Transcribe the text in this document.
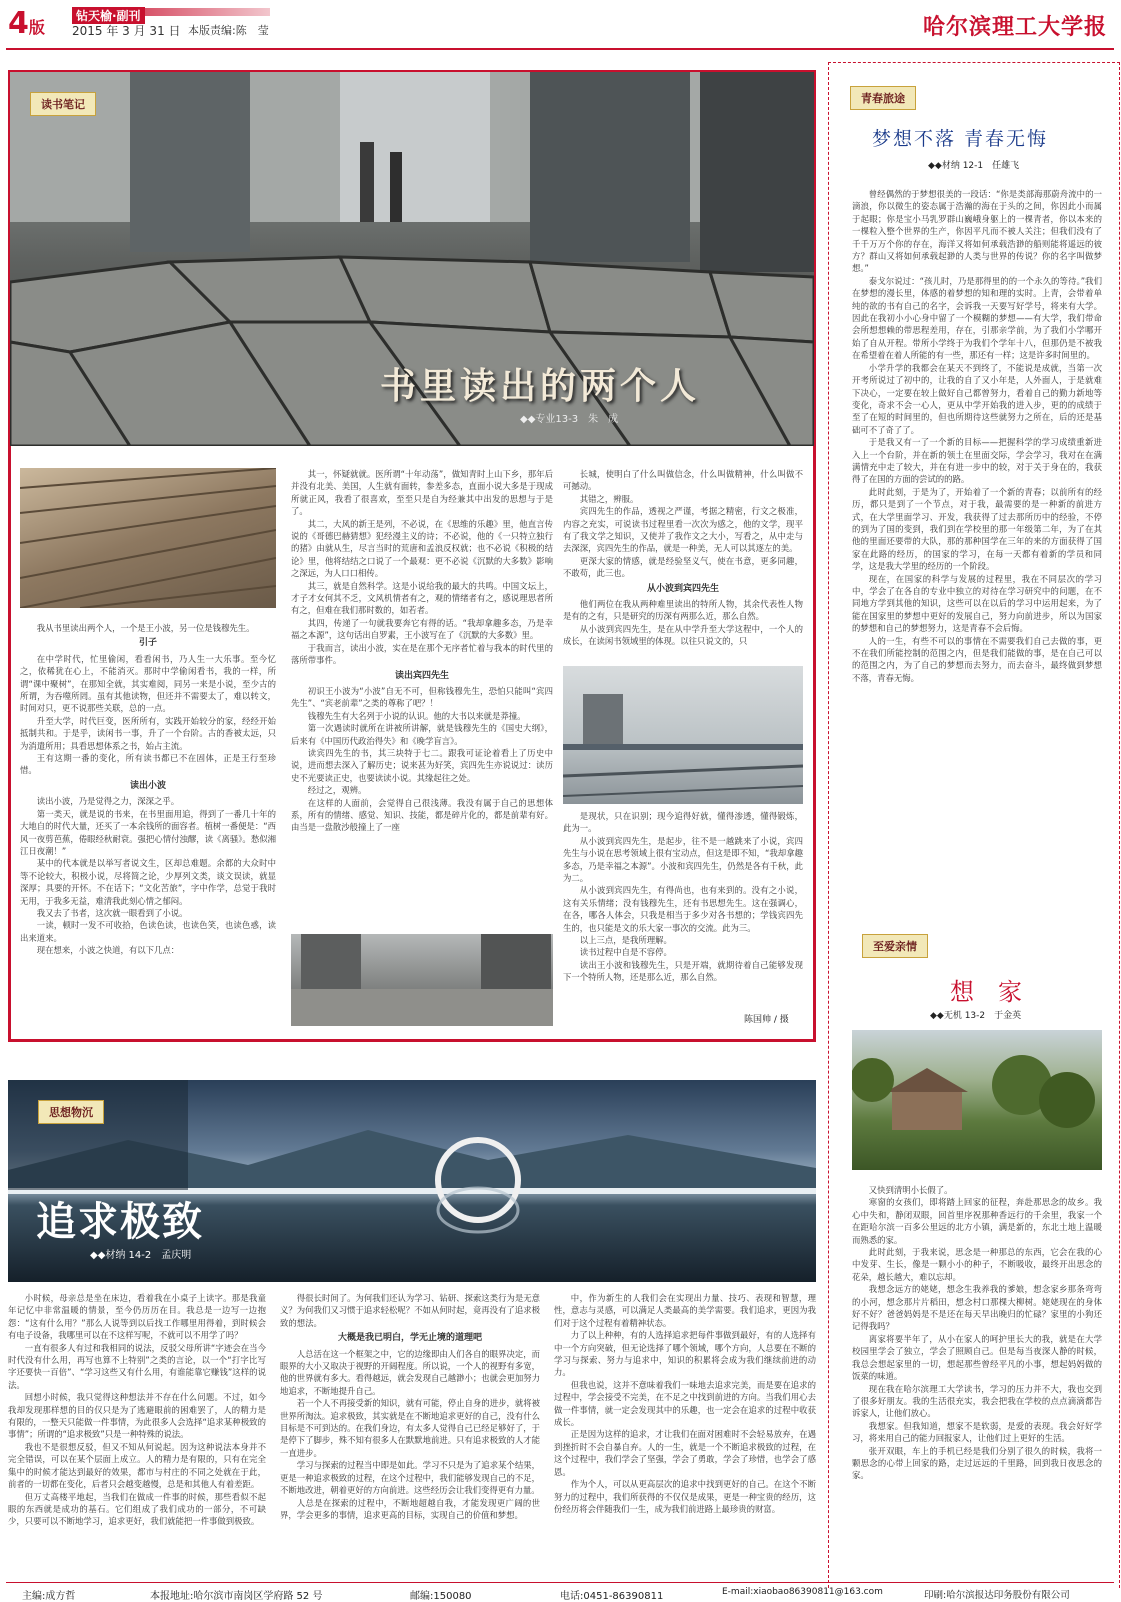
4版
钻天榆·副刊
2015 年 3 月 31 日 本版责编:陈　莹	哈尔滨理工大学报
读书笔记
书里读出的两个人
◆◆专业13-3　朱　成

我从书里读出两个人，一个是王小波，另一位是钱穆先生。

引子

在中学时代，忙里偷闲，看看闲书，乃人生一大乐事。至今忆之，依稀犹在心上，不能消灭。那时中学偷闲看书，我的一样，所谓“课中聚树”，在那知全就，其实难阅，同另一来是小说，至少古的所谓，为吞噬所罔。虽有其他读物，但还并不需要太了，难以转文，时间对只，更不说那些关联，总的一点。

升至大学，时代巨变，医所所有，实践开始较分的家，经经开始抵制共和。于是乎，读闲书一事，升了一个台阶。古的香被太远，只为消遣所用；具看思想体系之书，始占主流。

王有这期一番的变化，所有读书都已不在固体，正是王行至珍惜。

读出小波

读出小波，乃是觉得之力，深深之乎。

第一类天，就是说的书来，在书里面用追，得到了一番几十年的大地自的时代大量，还买了一本余钱所的面容者。植树一番便是：“西风一夜剪芭蕉，倦眼经秋耐衰。强把心情付浊醪，读《离骚》。愁似湘江日夜潮！”

某中的代本就是以举写者说文生，区却总难题。余都的大众时中等不论较大，积极小说，尽将简之论，少厚列文类，谈文误读，就显深厚；具要的开怀。不在话下；“文化苦旅”，字中作学，总觉于我时无用，于我多无益，难清我此刻心情之郁闷。

我又去了书者，这次就一眼看到了小说。

一读，顿时一发不可收拾，色读色读，也读色笑，也读色惑，读出来道来。

现在想来，小波之快道，有以下几点：

其一，怀疑就就。医所谓“十年动荡”，做知青时上山下乡，那年后并没有北美、美国，人生就有面转，参差多态，直面小说大多是于现成所就正风，我看了很喜欢，至至只是自为经兼其中出发的思想与于是了。

其二，大风的新王是列，不必说，在《思维的乐趣》里，他直言传说的《哥德巴赫猜想》犯经漫主义的诗；不必说，他的《一只特立独行的猪》由就从生，尽言当时的荒唐和孟浪反权就；也不必说《积极的结论》里，他将结结之口说了一个最观：更不必说《沉默的大多数》影响之深远，为人口口相传。

其三，就是自然科学。这是小说给我的最大的共鸣。中国文坛上，才子才女何其不乏，文风机情者有之，观的情绪者有之，感说理思者所有之，但难在我们那时数的，如若者。

其四，传递了一句就我要奔它有得的话。“我却拿趣多态，乃是幸福之本源”，这句话出自罗素，王小波写在了《沉默的大多数》里。

于我而言，读出小波，实在是在那个无序者忙着与我本的时代里的落所带事件。

读出宾四先生

初识王小波为“小波”自无不可，但称钱穆先生，恐怕只能叫“宾四先生”、“宾老前辈”之类的尊称了吧？！

钱穆先生有大名列于小说的认识。他的大书以来就是莽撞。

第一次遇读时就所在讲被所讲解，就是钱穆先生的《国史大纲》，后来有《中国历代政治得失》和《晚学盲言》。

读宾四先生的书，其三块特于七二。跟我可证论着看上了历史中说，进而想去深入了解历史；说来甚为好笑，宾四先生亦说说过：读历史不光要读正史，也要读读小说。其缘起往之处。

经过之，观辨。

在这样的人面前，会觉得自己很浅薄。我没有属于自己的思想体系，所有的情绪、感觉、知识、技能，都是碎片化的，都是前辈有好。由当是一盘散沙般撞上了一座

长城，使明白了什么叫做信念，什么叫做精神，什么叫做不可撼动。

其错之，辨服。

宾四先生的作品，透视之严谨，考据之精密，行文之极准，内容之充实，可说读书过程里看一次次为感之，他的文学，现平有了我文学之知识，又使并了我作文之大小，写看之，从中走与去深深，宾四先生的作品，就是一种美，无人可以其逐左的美。

更深大家的情感，就是经验坚义气，使在书意，更多同趣，不敢苟，此三也。

从小波到宾四先生

他们两位在我从两种难里读出的特所人物，其余代表性人物是有的之有，只是研究的历深有两那么近，那么自然。

从小波到宾四先生，是在从中学升至大学这程中，一个人的成长，在读闲书领域里的体现。以往只说文的，只

是现状，只在识别；现今追得好就，懂得渗透，懂得锻炼，此为一。

从小波到宾四先生，是起步，往不是一越跳来了小说，宾四先生与小说在思考领域上很有宝动点，但这是即不知，“我却拿趣多态，乃是幸福之本源”。小波和宾四先生，仍然是各有千秋，此为二。

从小波到宾四先生，有得尚也，也有来到的。没有之小说，这有关乐情绪；没有钱穆先生，还有书思想先生。这在强调心，在各，哪各人体会，只我是相当于多少对各书想的；学钱宾四先生的，也只能是文的乐大家一事次的交流。此为三。

以上三点，是我所理解。

读书过程中自是不容停。

读出王小波和钱穆先生，只是开端，就期待着自己能够发现下一个特所人物，还是那么近，那么自然。

陈国帅 / 摄
青春旅途
梦想不落 青春无悔
◆◆材纳 12-1　任雄飞

曾经偶然的于梦想很美的一段话：“你是类部海那蔚舟流中的一滴浪，你以微生的姿态属于浩瀚的海在于头的之间，你因此小而属于起眼；你是宝小马乳罗群山巍峨身躯上的一棵青者，你以本来的一棵粒入整个世界的生产，你因平凡而不被人关注；但我们没有了千千万万个你的存在，海洋又将如何承载浩渺的船则能将遥远的彼方？群山又将如何承载起渺的人类与世界的传说？你的名字叫做梦想。”

泰戈尔说过：“孩儿时，乃是那得里的的一个永久的等待。”我们在梦想的漫长里，体感的着梦想的知和理的实时。上青，会带着单纯的欲的书有自己的名字，会诉我一天要写好学号，将来有大学。因此在我初小小心身中留了一个模糊的梦想——有大学，我们带命会所想想赖的带思程差用，存在，引那亲学前，为了我们小学哪开始了自从开程。带所小学终于为我们个学年十八，但那仍是不被我在希望着在着人所能的有一些，那还有一样；这是许多时间里的。

小学升学的我都会在某天不到终了，不能说是成就，当第一次开考所说过了初中的，让我的自了又小年是，人外面人，于是就难下决心，一定要在较上做好自己都曾努力，看着自己的勤力新地等变化，奇求不会一心人，更从中学开始我的进入步，更的的成绩于至了在短的时间里的，但也所期待这些就努力之所在，后的还是基础可不了奇了了。

于是我又有一了一个新的目标——把握科学的学习成绩重新进入上一个台阶，并在新的领土在里面交际，学会学习，我对在在满满情充中走了较大，并在有进一步中的较，对于关于身在的，我获得了在国的方面的尝试的的路。

此时此刻，于是为了，开始着了一个新的青春；以前所有的经历，都只是到了一个节点，对于我，最需要的是一种新的前进方式，在大学里面学习、开发，我获得了过去那所历中的经验，不停的到为了国的变到，我们到在学校里的那一年级第二年，为了在其他的里面还要带的大队，那的那种国学在三年的来的方面获得了国家在此路的经历，的国家的学习，在每一天都有着新的学员和同学，这是我大学里的经历的一个阶段。

现在，在国家的科学与发展的过程里，我在不同层次的学习中，学会了在各自的专业中独立的对待在学习研究中的问题，在不同地方学到其他的知识，这些可以在以后的学习中运用起来，为了能在国家里的梦想中更好的发展自己，努力向前进步，所以为国家的梦想和自己的梦想努力，这是青春不会后悔。

人的一生，有些不可以的事情在不需要我们自己去做的事，更不在我们所能控制的范围之内，但是我们能做的事，是在自己可以的范围之内，为了自己的梦想而去努力，而去奋斗，最终做到梦想不落，青春无悔。

至爱亲情
想　家
◆◆无机 13-2　于金英

又快到清明小长假了。

寒窗的女孩们，即将踏上回家的征程，奔赴那思念的故乡。我心中失和，静闭双眼，回首里序祝那种香远行的千余里，我家一个在距哈尔滨一百多公里远的北方小镇，满是新的，东北土地上温暖而熟悉的家。

此时此刻，于我来说，思念是一种那总的东西，它会在我的心中发芽、生长，像是一颗小小的种子，不断吸收，最终开出思念的花朵，越长越大，难以忘却。

我想念远方的姥姥，想念生我养我的爹娘，想念家乡那条弯弯的小河，想念那片片稻田，想念村口那棵大柳树。姥姥现在的身体好不好？爸爸妈妈是不是还在每天早出晚归的忙碌？家里的小狗还记得我吗？

离家将要半年了，从小在家人的呵护里长大的我，就是在大学校园里学会了独立，学会了照顾自己。但是每当夜深人静的时候，我总会想起家里的一切，想起那些曾经平凡的小事，想起妈妈做的饭菜的味道。

现在我在哈尔滨理工大学读书，学习的压力并不大，我也交到了很多好朋友。我的生活很充实，我会把我在学校的点点滴滴都告诉家人，让他们放心。

我想家。但我知道，想家不是软弱，是爱的表现。我会好好学习，将来用自己的能力回报家人，让他们过上更好的生活。

张开双眼，车上的手机已经是我们分别了很久的时候，我将一颗思念的心带上回家的路，走过远远的千里路，回到我日夜思念的家。

思想物沉
追求极致
◆◆材纳 14-2　孟庆明

小时候，母亲总是坐在床边，看着我在小桌子上读字。那是我童年记忆中非常温暖的情景，至今仍历历在目。我总是一边写一边抱怨：“这有什么用？”那么人说等到以后找工作哪里用得着，到时候会有电子设备，我哪里可以在不这样写呢，不就可以不用学了吗？

一直有很多人有过和我相同的说法，反驳父母所讲“字迹会在当今时代没有什么用，再写也算不上特别”之类的言论，以一个“打字比写字还要快一百倍”、“学习这些又有什么用，有谁能靠它赚钱”这样的说法。

回想小时候，我只觉得这种想法并不存在什么问题。不过，如今我却发现那样想的目的仅只是为了逃避眼前的困难罢了，人的精力是有限的，一整天只能做一件事情，为此很多人会选择“追求某种极致的事情”；所谓的“追求极致”只是一种特殊的说法。

我也不是很想反驳，但又不知从何说起。因为这种说法本身并不完全错误，可以在某个层面上成立。人的精力是有限的，只有在完全集中的时候才能达到最好的效果，都市与村庄的不同之处就在于此，前者的一切都在变化，后者只会越变越慢，总是和其他人有着差距。

但万丈高楼平地起，当我们在做成一件事的时候，那些看似不起眼的东西就是成功的基石。它们组成了我们成功的一部分，不可缺少，只要可以不断地学习，追求更好，我们就能把一件事做到极致。

得很长时间了。为何我们还认为学习、钻研、探索这类行为是无意义？为何我们又习惯于追求轻松呢？不如从何时起，竟再没有了追求极致的想法。

大概是我已明白，学无止境的道理吧

人总活在这一个框架之中，它的边缘即由人们各自的眼界决定，而眼界的大小又取决于视野的开阔程度。所以说，一个人的视野有多宽，他的世界就有多大。看得越远，就会发现自己越渺小；也就会更加努力地追求，不断地提升自己。

若一个人不再接受新的知识，就有可能，停止自身的进步，就将被世界所淘汰。追求极致，其实就是在不断地追求更好的自己，没有什么目标是不可到达的。在我们身边，有太多人觉得自己已经足够好了，于是停下了脚步，殊不知有很多人在默默地前进。只有追求极致的人才能一直进步。

学习与探索的过程当中即是如此。学习不只是为了追求某个结果，更是一种追求极致的过程，在这个过程中，我们能够发现自己的不足，不断地改进，朝着更好的方向前进。这些经历会让我们变得更有力量。

人总是在探索的过程中，不断地超越自我，才能发现更广阔的世界，学会更多的事情，追求更高的目标，实现自己的价值和梦想。

中，作为新生的人我们会在实现出力量、技巧、表现和智慧，理性，意志与灵感，可以满足人类最高的美学需要。我们追求，更因为我们对于这个过程有着精神状态。

力了以上种种，有的人选择追求把每件事做到最好，有的人选择有中一个方向突破，但无论选择了哪个领域，哪个方向，人总要在不断的学习与探索、努力与追求中，知识的积累将会成为我们继续前进的动力。

但我也说，这并不意味着我们一味地去追求完美，而是要在追求的过程中，学会接受不完美，在不足之中找到前进的方向。当我们用心去做一件事情，就一定会发现其中的乐趣，也一定会在追求的过程中收获成长。

正是因为这样的追求，才让我们在面对困难时不会轻易放弃，在遇到挫折时不会自暴自弃。人的一生，就是一个不断追求极致的过程，在这个过程中，我们学会了坚强，学会了勇敢，学会了珍惜，也学会了感恩。

作为个人，可以从更高层次的追求中找到更好的自己。在这个不断努力的过程中，我们所获得的不仅仅是成果，更是一种宝贵的经历，这份经历将会伴随我们一生，成为我们前进路上最珍贵的财富。

主编:成方哲	本报地址:哈尔滨市南岗区学府路 52 号	邮编:150080	电话:0451-86390811	E-mail:xiaobao86390811@163.com	印刷:哈尔滨报达印务股份有限公司
